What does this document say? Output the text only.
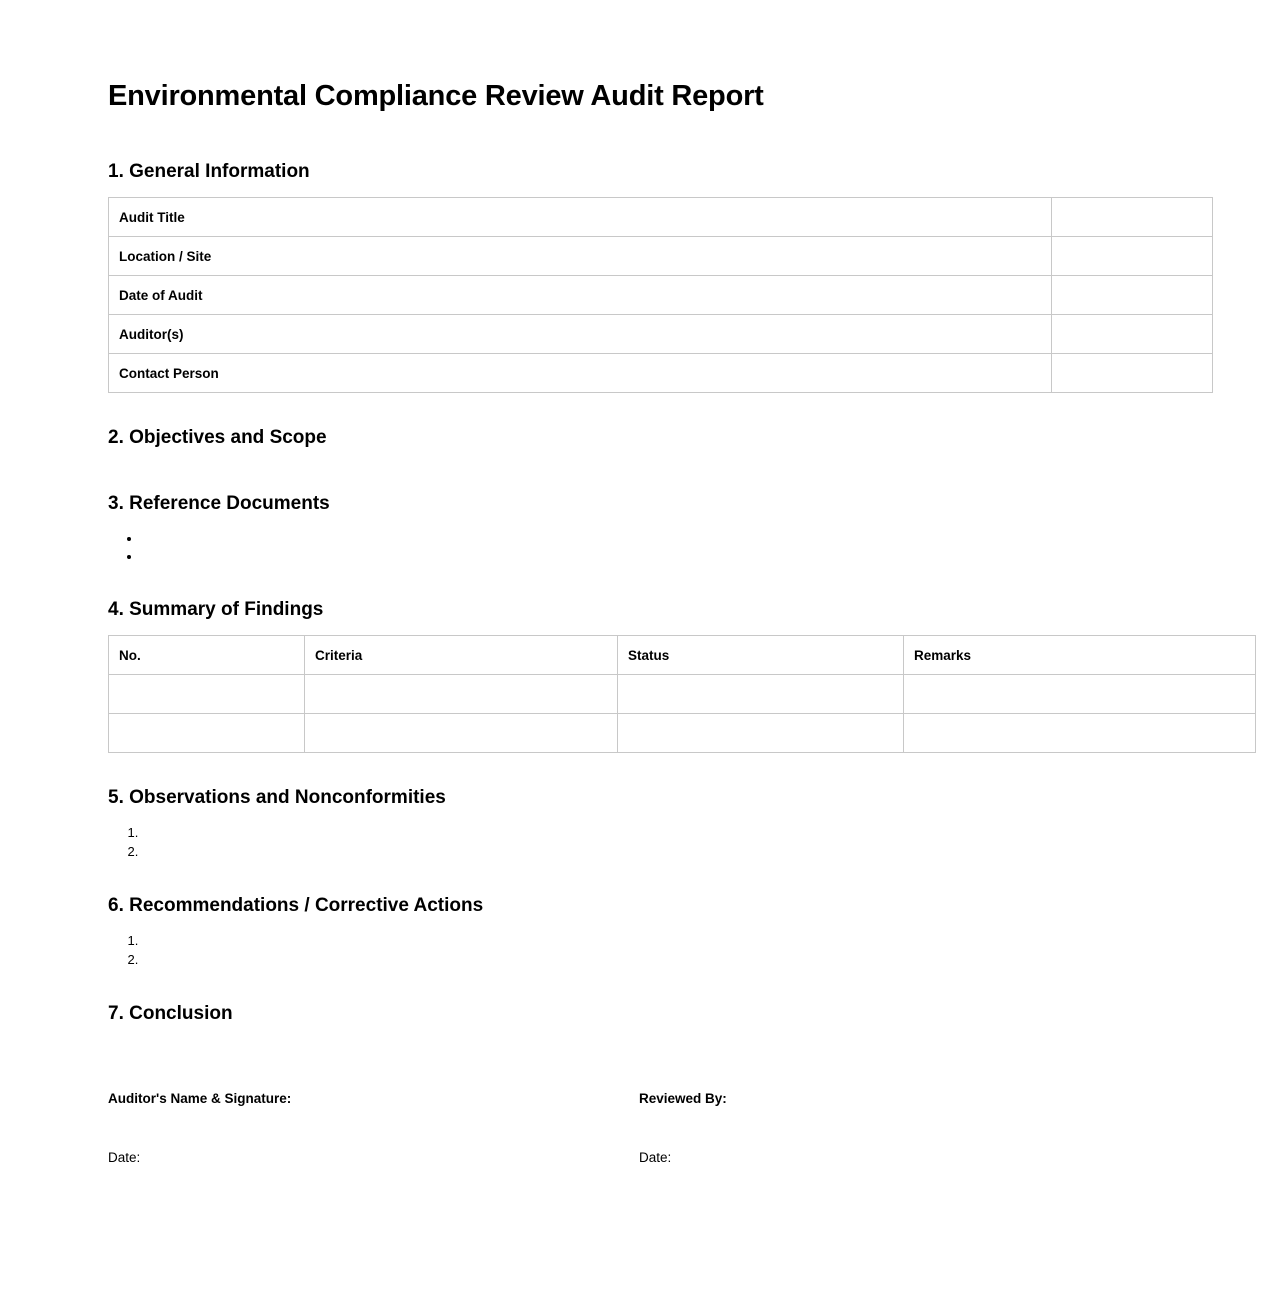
Environmental Compliance Review Audit Report
1. General Information
Audit Title	
Location / Site	
Date of Audit	
Auditor(s)	
Contact Person	
2. Objectives and Scope
3. Reference Documents
•
•
4. Summary of Findings
No.	Criteria	Status	Remarks

5. Observations and Nonconformities
1.
2.
6. Recommendations / Corrective Actions
1.
2.
7. Conclusion
Auditor's Name & Signature:
Date:
Reviewed By:
Date:
